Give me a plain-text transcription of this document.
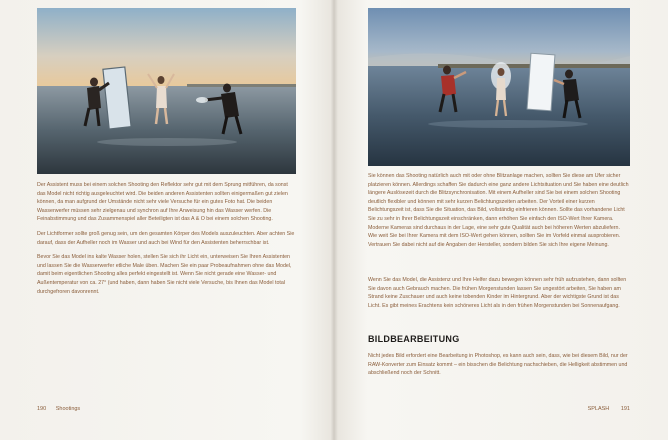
Der Assistent muss bei einem solchen Shooting den Reflektor sehr gut mit dem Sprung mitführen, da sonst das Model nicht richtig ausgeleuchtet wird. Die beiden anderen Assistenten sollten einigermaßen gut zielen können, da man aufgrund der Umstände nicht sehr viele Versuche für ein gutes Foto hat. Die beiden Wasserwerfer müssen sehr zielgenau und synchron auf Ihre Anweisung hin das Wasser werfen. Die Feinabstimmung und das Zusammenspiel aller Beteiligten ist das A & O bei einem solchen Shooting.

Der Lichtformer sollte groß genug sein, um den gesamten Körper des Models auszuleuchten. Aber achten Sie darauf, dass der Aufheller noch im Wasser und auch bei Wind für den Assistenten beherrschbar ist.

Bevor Sie das Model ins kalte Wasser holen, stellen Sie sich ihr Licht ein, unterweisen Sie Ihren Assistenten und lassen Sie die Wasserwerfer etliche Male üben. Machen Sie ein paar Probeaufnahmen ohne das Model, damit beim eigentlichen Shooting alles perfekt eingestellt ist. Wenn Sie nicht gerade eine Wasser- und Außentemperatur von ca. 27° (und haben, dann haben Sie nicht viele Versuche, bis Ihnen das Model total durchgefroren davonrennt.

190 Shootings

Sie können das Shooting natürlich auch mit oder ohne Blitzanlage machen, sollten Sie diese am Ufer sicher platzieren können. Allerdings schaffen Sie dadurch eine ganz andere Lichtsituation und Sie haben eine deutlich längere Auslösezeit durch die Blitzsynchronisation. Mit einem Aufheller sind Sie bei einem solchen Shooting deutlich flexibler und können mit sehr kurzen Belichtungszeiten arbeiten. Der Vorteil einer kurzen Belichtungszeit ist, dass Sie die Situation, das Bild, vollständig einfrieren können. Sollte das vorhandene Licht Sie zu sehr in Ihrer Belichtungszeit einschränken, dann erhöhen Sie einfach den ISO-Wert Ihrer Kamera. Moderne Kameras sind durchaus in der Lage, eine sehr gute Qualität auch bei höheren Werten abzuliefern. Wie weit Sie bei Ihrer Kamera mit dem ISO-Wert gehen können, sollten Sie im Vorfeld einmal ausprobieren. Vertrauen Sie dabei nicht auf die Angaben der Hersteller, sondern bilden Sie sich Ihre eigene Meinung.

Wenn Sie das Model, die Assistenz und Ihre Helfer dazu bewegen können sehr früh aufzustehen, dann sollten Sie davon auch Gebrauch machen. Die frühen Morgenstunden lassen Sie ungestört arbeiten, Sie haben am Strand keine Zuschauer und auch keine tobenden Kinder im Hintergrund. Aber der wichtigste Grund ist das Licht. Es gibt meines Erachtens kein schöneres Licht als in den frühen Morgenstunden bei Sonnenaufgang.

BILDBEARBEITUNG

Nicht jedes Bild erfordert eine Bearbeitung in Photoshop, es kann auch sein, dass, wie bei diesem Bild, nur der RAW-Konverter zum Einsatz kommt – ein bisschen die Belichtung nachschieben, die Helligkeit abstimmen und abschließend noch der Schnitt.

SPLASH 191
